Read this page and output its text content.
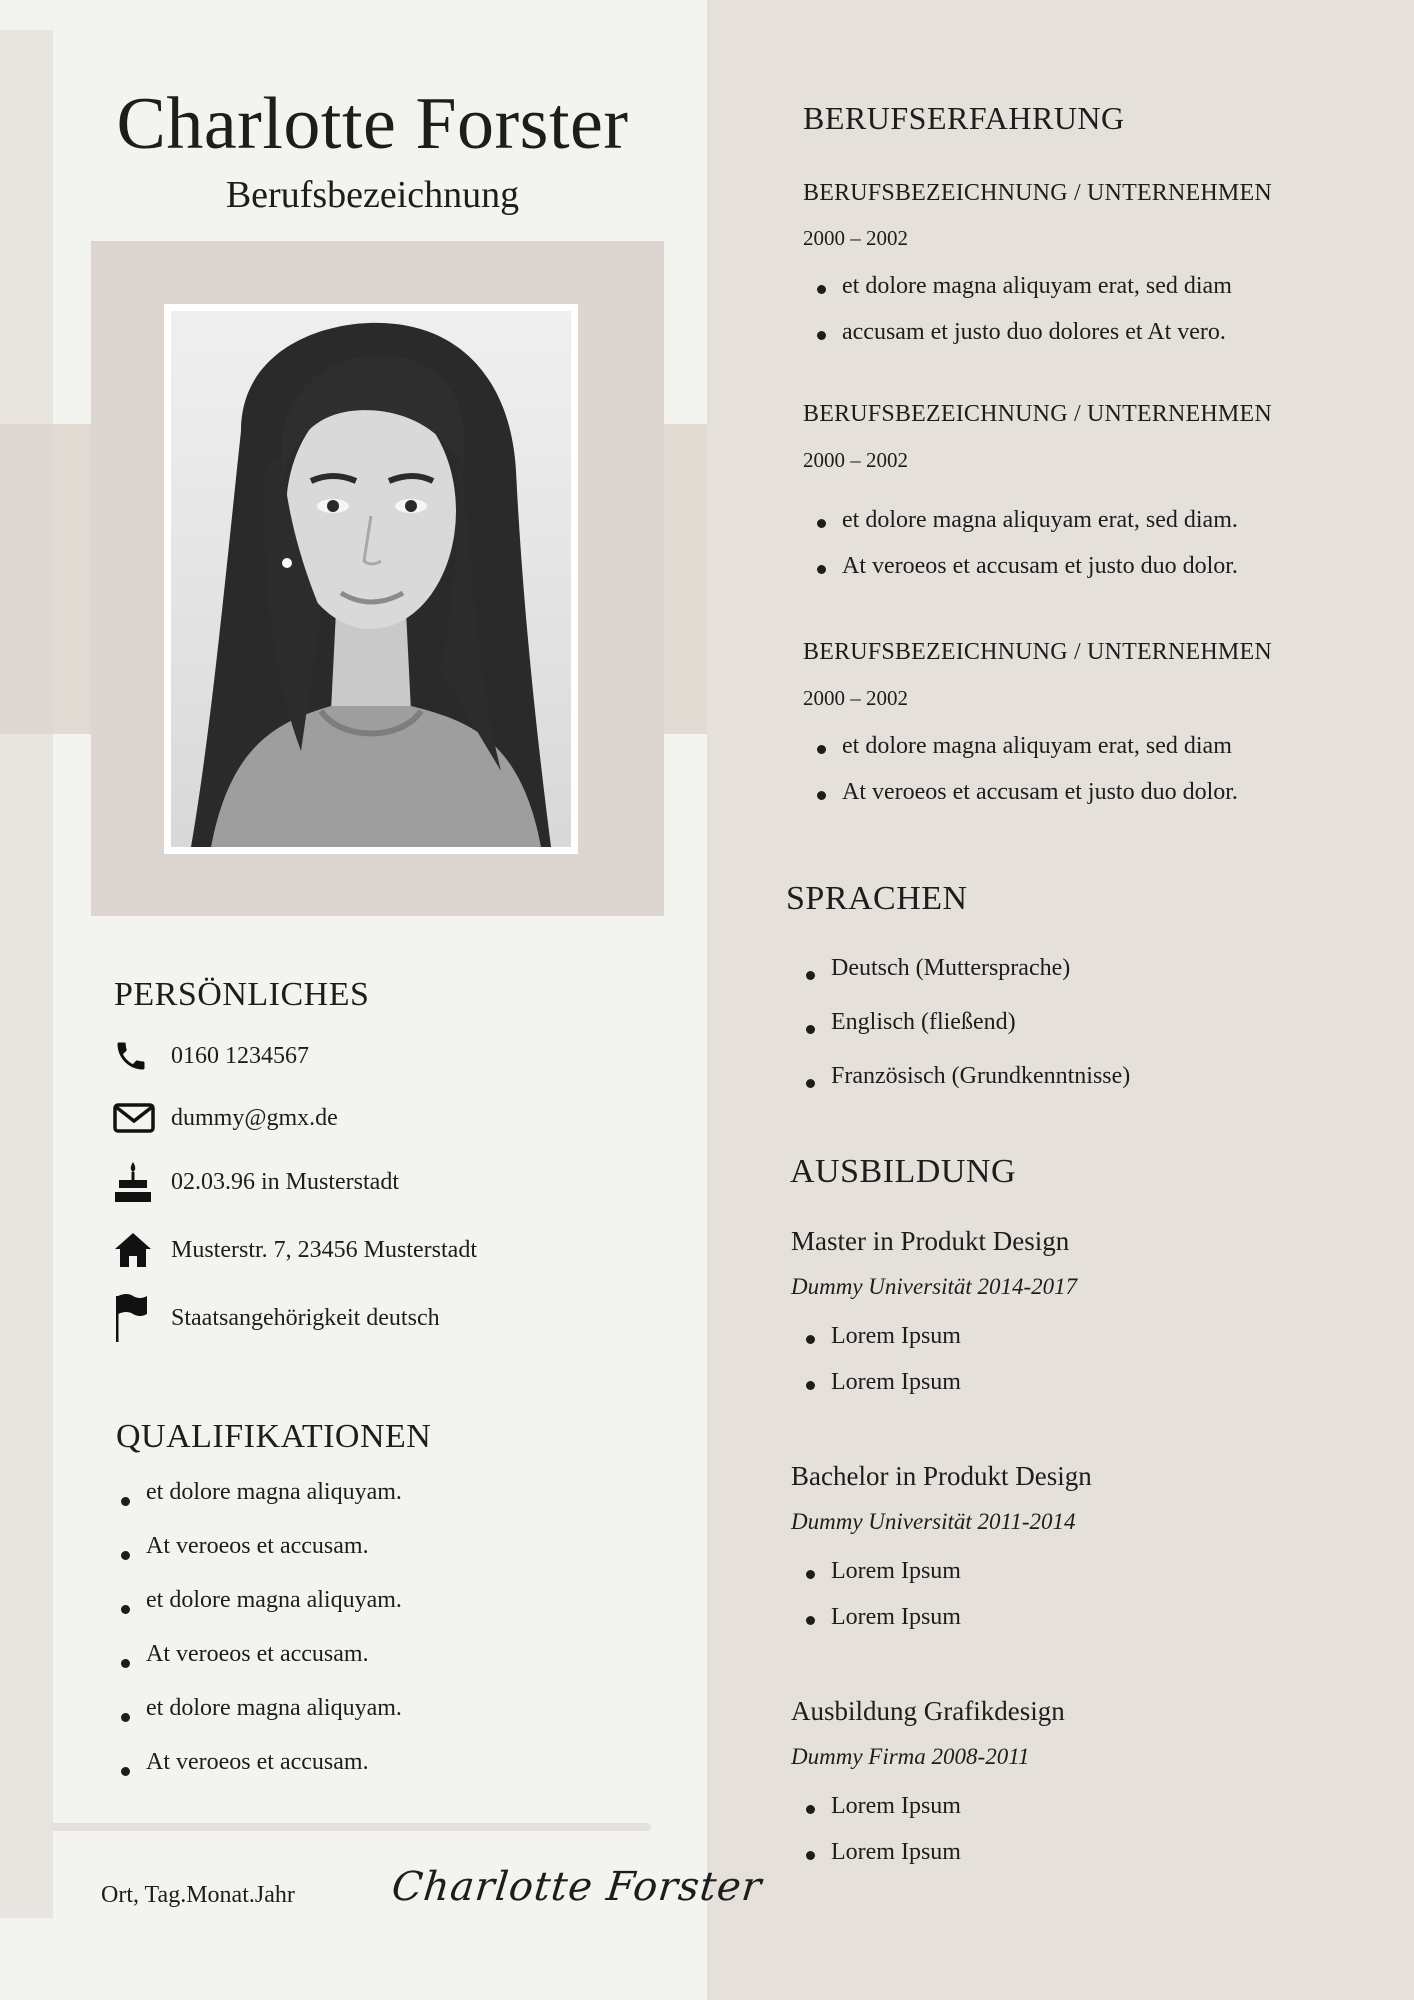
Charlotte Forster
Berufsbezeichnung
PERSÖNLICHES
0160 1234567
dummy@gmx.de
02.03.96 in Musterstadt
Musterstr. 7, 23456 Musterstadt
Staatsangehörigkeit deutsch
QUALIFIKATIONEN
et dolore magna aliquyam.
At veroeos et accusam.
et dolore magna aliquyam.
At veroeos et accusam.
et dolore magna aliquyam.
At veroeos et accusam.
Ort, Tag.Monat.Jahr Charlotte Forster
BERUFSERFAHRUNG
BERUFSBEZEICHNUNG / UNTERNEHMEN
2000 – 2002
et dolore magna aliquyam erat, sed diam
accusam et justo duo dolores et At vero.
BERUFSBEZEICHNUNG / UNTERNEHMEN
2000 – 2002
et dolore magna aliquyam erat, sed diam.
At veroeos et accusam et justo duo dolor.
BERUFSBEZEICHNUNG / UNTERNEHMEN
2000 – 2002
et dolore magna aliquyam erat, sed diam
At veroeos et accusam et justo duo dolor.
SPRACHEN
Deutsch (Muttersprache)
Englisch (fließend)
Französisch (Grundkenntnisse)
AUSBILDUNG
Master in Produkt Design
Dummy Universität 2014-2017
Lorem Ipsum
Lorem Ipsum
Bachelor in Produkt Design
Dummy Universität 2011-2014
Lorem Ipsum
Lorem Ipsum
Ausbildung Grafikdesign
Dummy Firma 2008-2011
Lorem Ipsum
Lorem Ipsum
